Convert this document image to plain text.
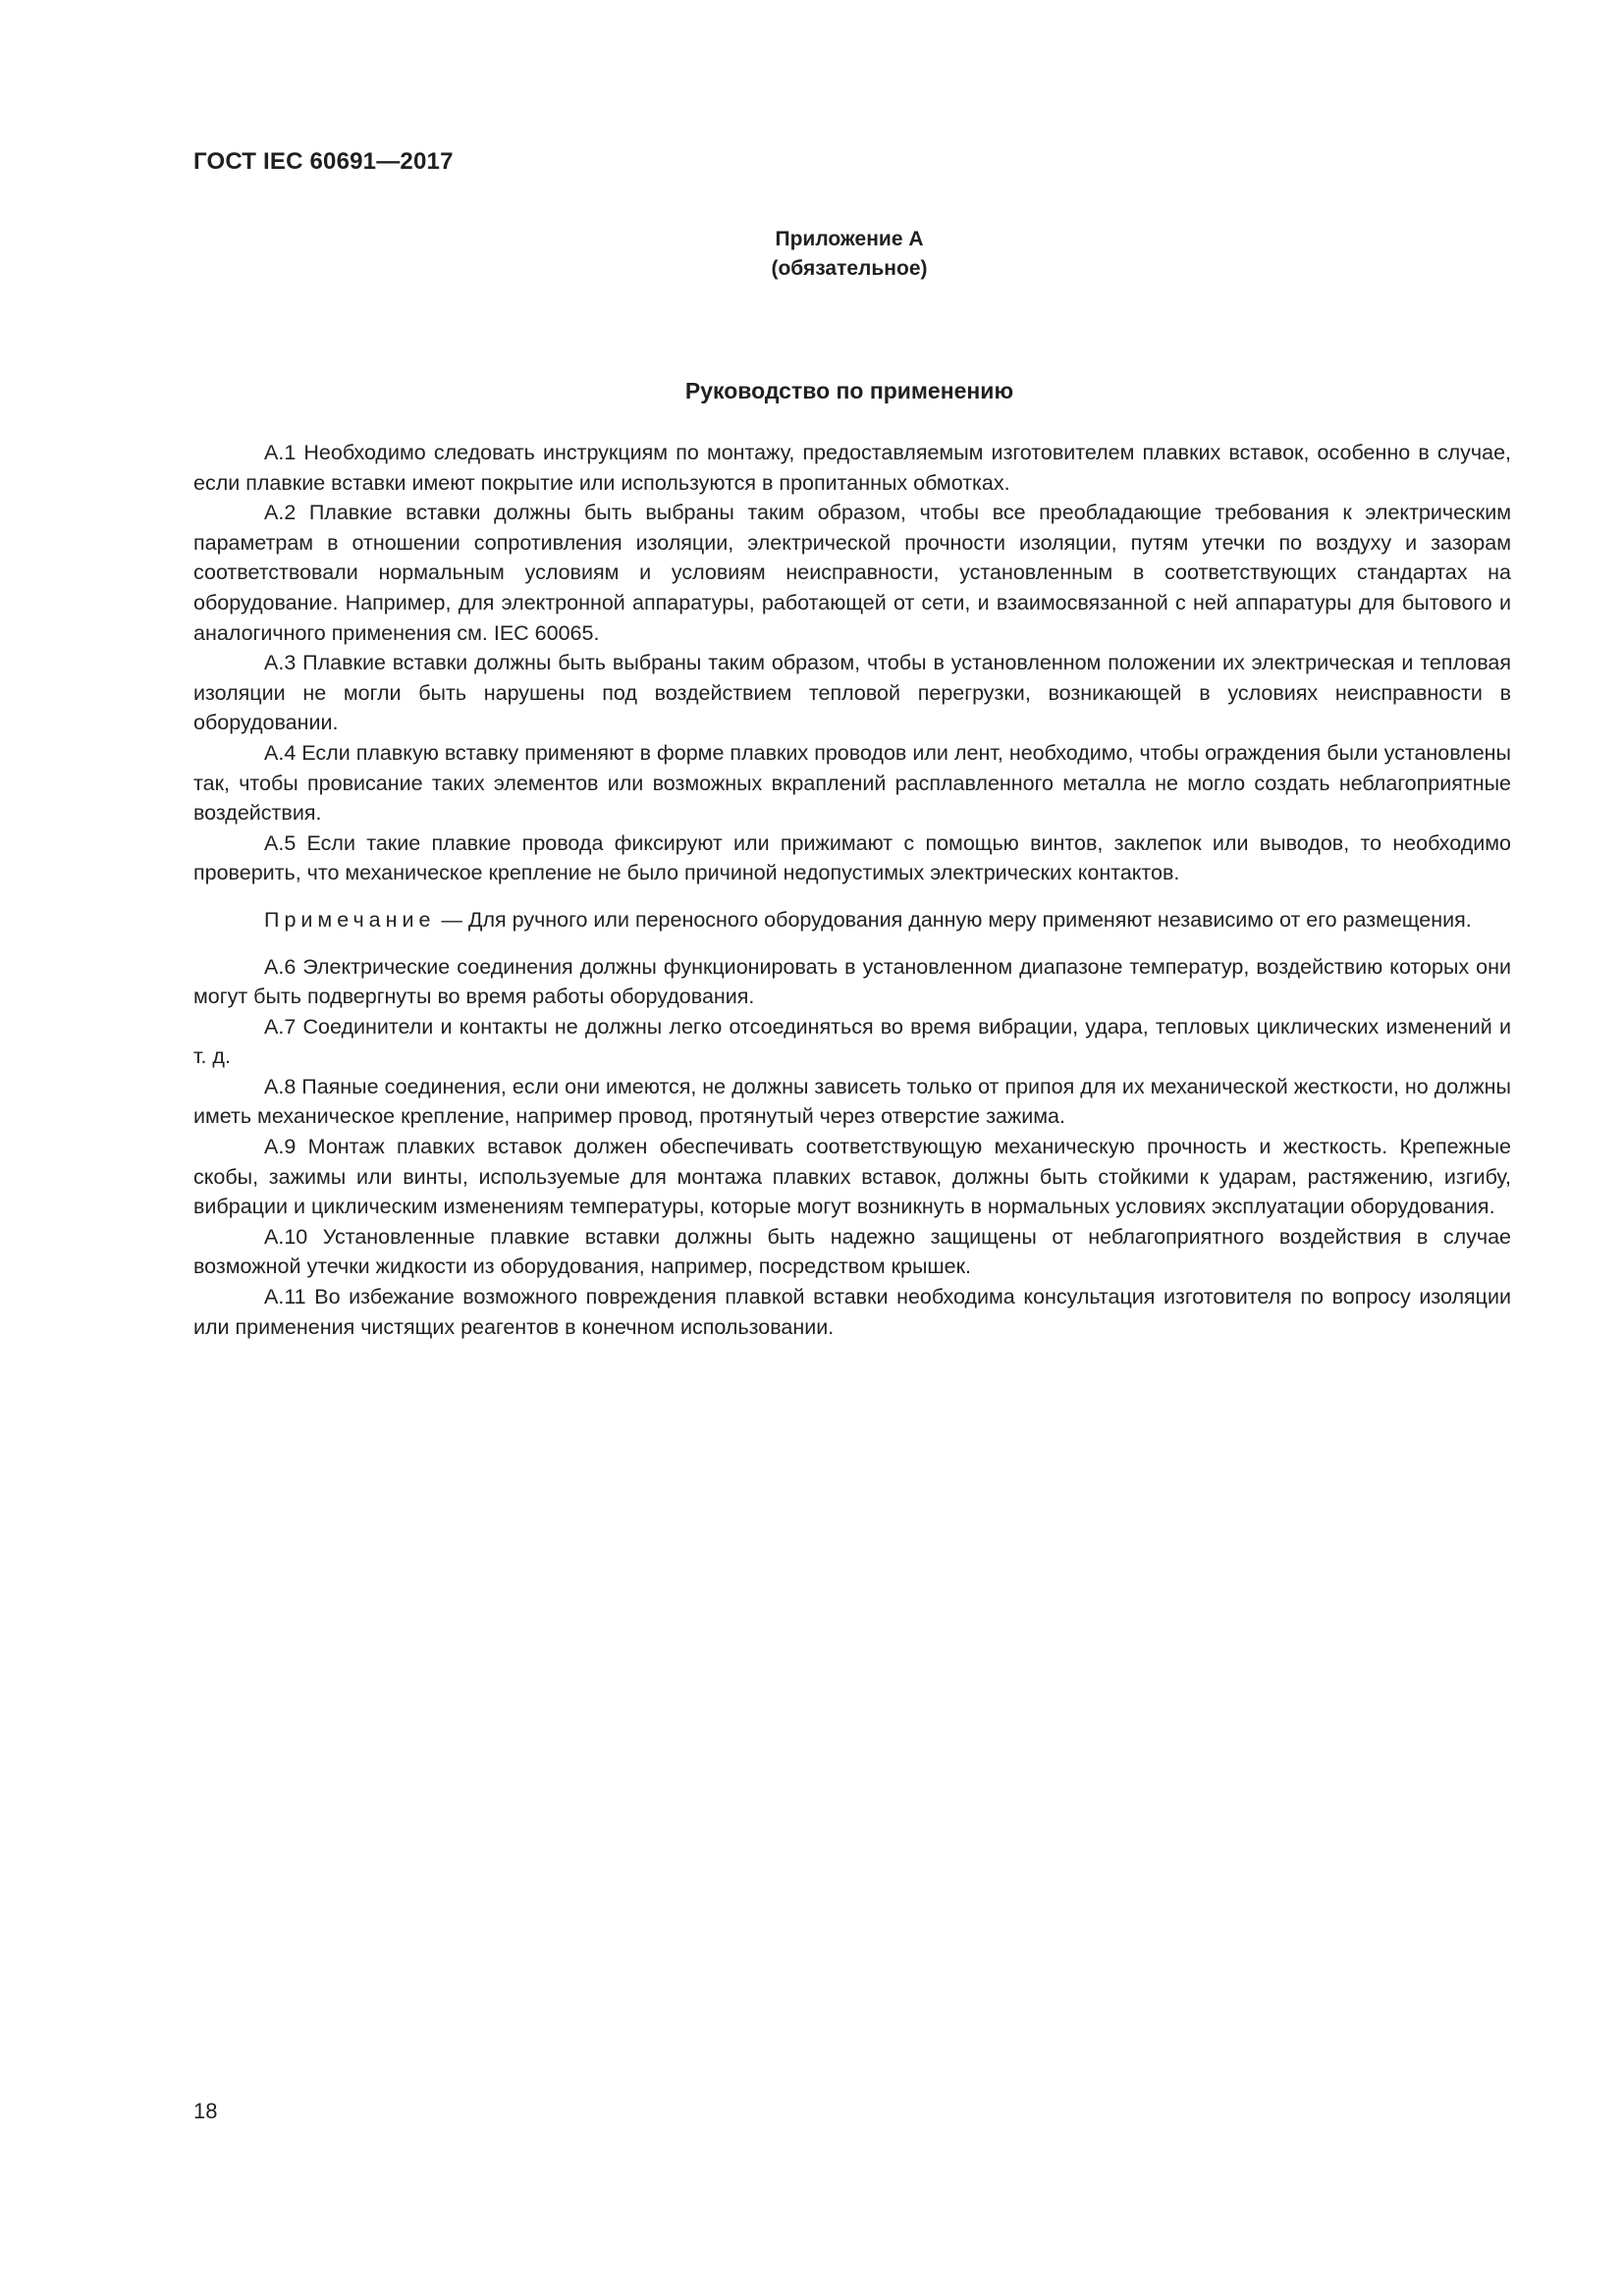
ГОСТ IEC 60691—2017
Приложение А
(обязательное)
Руководство по применению

А.1 Необходимо следовать инструкциям по монтажу, предоставляемым изготовителем плавких вставок, особенно в случае, если плавкие вставки имеют покрытие или используются в пропитанных обмотках.

А.2 Плавкие вставки должны быть выбраны таким образом, чтобы все преобладающие требования к электрическим параметрам в отношении сопротивления изоляции, электрической прочности изоляции, путям утечки по воздуху и зазорам соответствовали нормальным условиям и условиям неисправности, установленным в соответствующих стандартах на оборудование. Например, для электронной аппаратуры, работающей от сети, и взаимосвязанной с ней аппаратуры для бытового и аналогичного применения см. IEC 60065.

А.3 Плавкие вставки должны быть выбраны таким образом, чтобы в установленном положении их электрическая и тепловая изоляции не могли быть нарушены под воздействием тепловой перегрузки, возникающей в условиях неисправности в оборудовании.

А.4 Если плавкую вставку применяют в форме плавких проводов или лент, необходимо, чтобы ограждения были установлены так, чтобы провисание таких элементов или возможных вкраплений расплавленного металла не могло создать неблагоприятные воздействия.

А.5 Если такие плавкие провода фиксируют или прижимают с помощью винтов, заклепок или выводов, то необходимо проверить, что механическое крепление не было причиной недопустимых электрических контактов.

Примечание — Для ручного или переносного оборудования данную меру применяют независимо от его размещения.

А.6 Электрические соединения должны функционировать в установленном диапазоне температур, воздействию которых они могут быть подвергнуты во время работы оборудования.

А.7 Соединители и контакты не должны легко отсоединяться во время вибрации, удара, тепловых циклических изменений и т. д.

А.8 Паяные соединения, если они имеются, не должны зависеть только от припоя для их механической жесткости, но должны иметь механическое крепление, например провод, протянутый через отверстие зажима.

А.9 Монтаж плавких вставок должен обеспечивать соответствующую механическую прочность и жесткость. Крепежные скобы, зажимы или винты, используемые для монтажа плавких вставок, должны быть стойкими к ударам, растяжению, изгибу, вибрации и циклическим изменениям температуры, которые могут возникнуть в нормальных условиях эксплуатации оборудования.

А.10 Установленные плавкие вставки должны быть надежно защищены от неблагоприятного воздействия в случае возможной утечки жидкости из оборудования, например, посредством крышек.

А.11 Во избежание возможного повреждения плавкой вставки необходима консультация изготовителя по вопросу изоляции или применения чистящих реагентов в конечном использовании.

18
